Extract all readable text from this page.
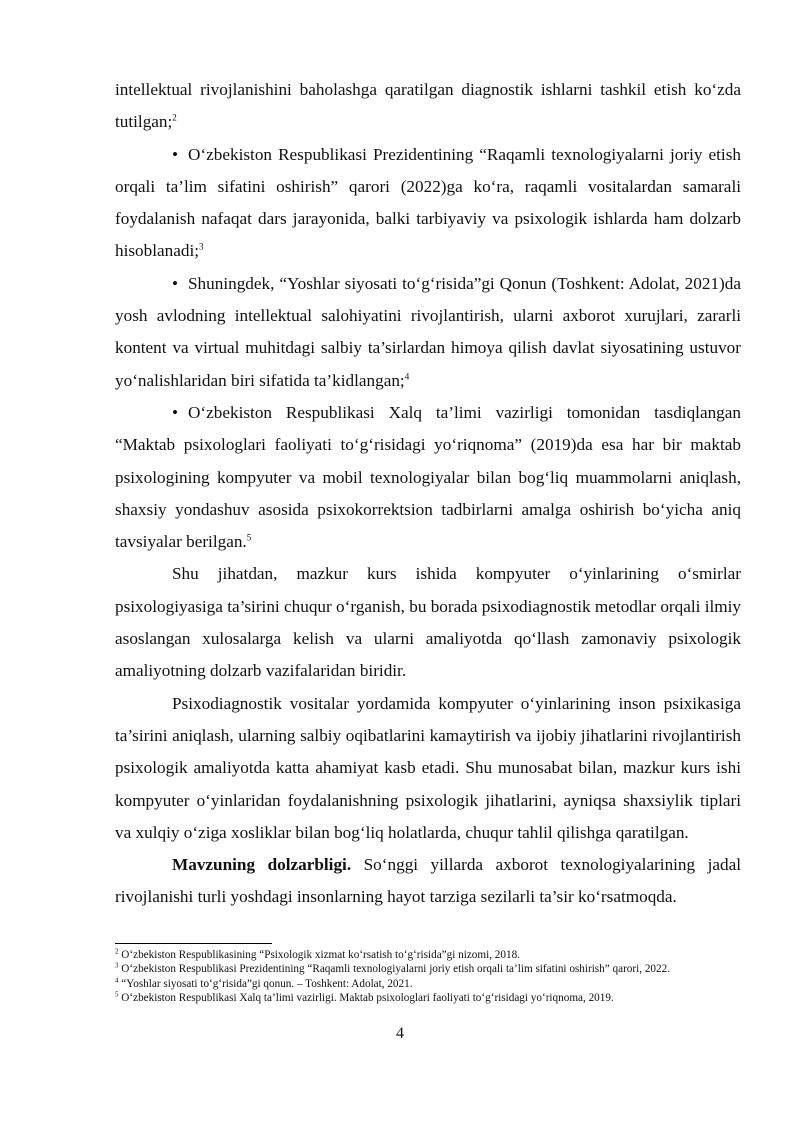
intellektual rivojlanishini baholashga qaratilgan diagnostik ishlarni tashkil etish ko‘zda tutilgan;$^2$

• O‘zbekiston Respublikasi Prezidentining “Raqamli texnologiyalarni joriy etish orqali ta’lim sifatini oshirish” qarori (2022)ga ko‘ra, raqamli vositalardan samarali foydalanish nafaqat dars jarayonida, balki tarbiyaviy va psixologik ishlarda ham dolzarb hisoblanadi;$^3$

• Shuningdek, “Yoshlar siyosati to‘g‘risida”gi Qonun (Toshkent: Adolat, 2021)da yosh avlodning intellektual salohiyatini rivojlantirish, ularni axborot xurujlari, zararli kontent va virtual muhitdagi salbiy ta’sirlardan himoya qilish davlat siyosatining ustuvor yo‘nalishlaridan biri sifatida ta’kidlangan;$^4$

• O‘zbekiston Respublikasi Xalq ta’limi vazirligi tomonidan tasdiqlangan “Maktab psixologlari faoliyati to‘g‘risidagi yo‘riqnoma” (2019)da esa har bir maktab psixologining kompyuter va mobil texnologiyalar bilan bog‘liq muammolarni aniqlash, shaxsiy yondashuv asosida psixokorrektsion tadbirlarni amalga oshirish bo‘yicha aniq tavsiyalar berilgan.$^5$

Shu jihatdan, mazkur kurs ishida kompyuter o‘yinlarining o‘smirlar psixologiyasiga ta’sirini chuqur o‘rganish, bu borada psixodiagnostik metodlar orqali ilmiy asoslangan xulosalarga kelish va ularni amaliyotda qo‘llash zamonaviy psixologik amaliyotning dolzarb vazifalaridan biridir.

Psixodiagnostik vositalar yordamida kompyuter o‘yinlarining inson psixikasiga ta’sirini aniqlash, ularning salbiy oqibatlarini kamaytirish va ijobiy jihatlarini rivojlantirish psixologik amaliyotda katta ahamiyat kasb etadi. Shu munosabat bilan, mazkur kurs ishi kompyuter o‘yinlaridan foydalanishning psixologik jihatlarini, ayniqsa shaxsiylik tiplari va xulqiy o‘ziga xosliklar bilan bog‘liq holatlarda, chuqur tahlil qilishga qaratilgan.

Mavzuning dolzarbligi. So‘nggi yillarda axborot texnologiyalarining jadal rivojlanishi turli yoshdagi insonlarning hayot tarziga sezilarli ta’sir ko‘rsatmoqda.

$^2$ O‘zbekiston Respublikasining “Psixologik xizmat ko‘rsatish to‘g‘risida”gi nizomi, 2018.

$^3$ O‘zbekiston Respublikasi Prezidentining “Raqamli texnologiyalarni joriy etish orqali ta’lim sifatini oshirish” qarori, 2022.

$^4$ “Yoshlar siyosati to‘g‘risida”gi qonun. – Toshkent: Adolat, 2021.

$^5$ O‘zbekiston Respublikasi Xalq ta’limi vazirligi. Maktab psixologlari faoliyati to‘g‘risidagi yo‘riqnoma, 2019.

4
